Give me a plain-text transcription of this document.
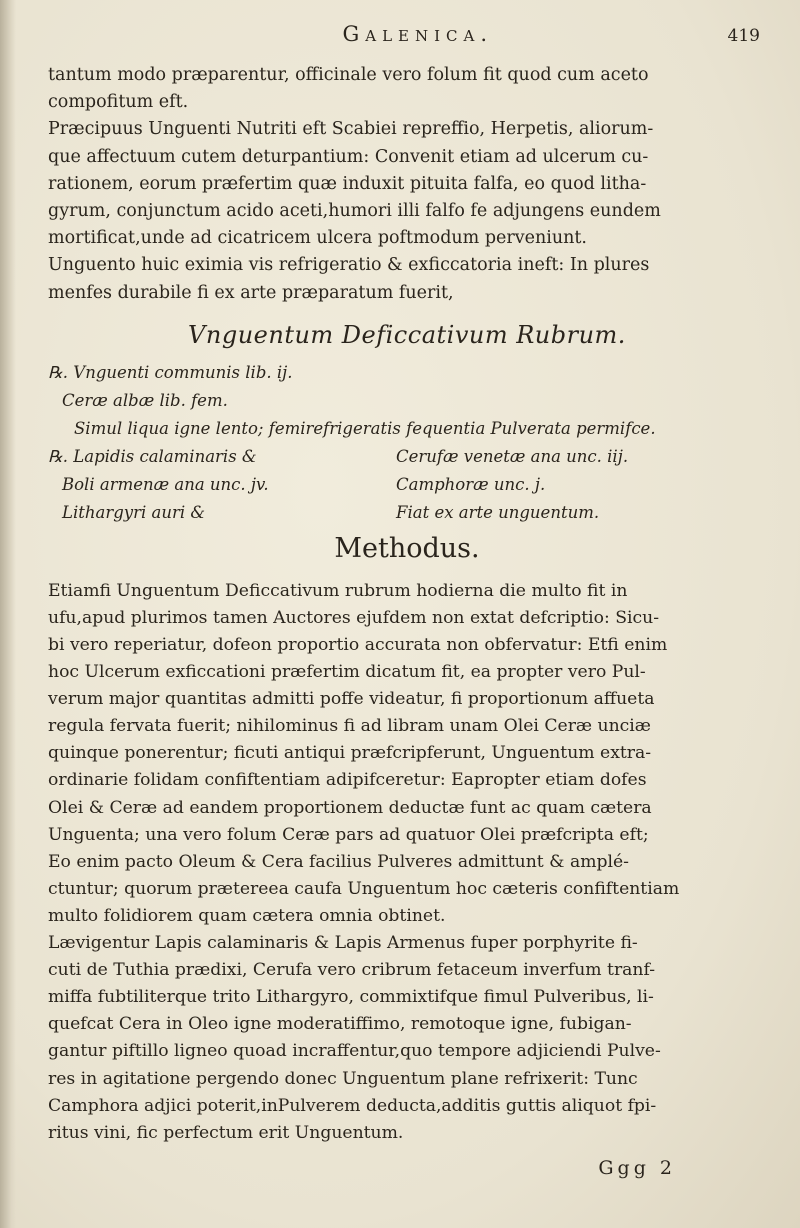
Galenica.	419
tantum modo præparentur, officinale vero folum fit quod cum aceto
compofitum eft.
Præcipuus Unguenti Nutriti eft Scabiei repreffio, Herpetis, aliorum-
que affectuum cutem deturpantium: Convenit etiam ad ulcerum cu-
rationem, eorum præfertim quæ induxit pituita falfa, eo quod litha-
gyrum, conjunctum acido aceti,humori illi falfo fe adjungens eundem
mortificat,unde ad cicatricem ulcera poftmodum perveniunt.
Unguento huic eximia vis refrigeratio & exficcatoria ineft: In plures
menfes durabile fi ex arte præparatum fuerit,
Vnguentum Deficcativum Rubrum.
℞. Vnguenti communis lib. ij.
Ceræ albæ lib. fem.
Simul liqua igne lento; femirefrigeratis fequentia Pulverata permifce.
℞. Lapidis calaminaris &	Cerufæ venetæ ana unc. iij.
Boli armenæ ana unc. jv.	Camphoræ unc. j.
Lithargyri auri &	Fiat ex arte unguentum.
Methodus.

Etiamfi Unguentum Deficcativum rubrum hodierna die multo fit in

ufu,apud plurimos tamen Auctores ejufdem non extat defcriptio: Sicu-

bi vero reperiatur, dofeon proportio accurata non obfervatur: Etfi enim

hoc Ulcerum exficcationi præfertim dicatum fit, ea propter vero Pul-

verum major quantitas admitti poffe videatur, fi proportionum affueta

regula fervata fuerit; nihilominus fi ad libram unam Olei Ceræ unciæ

quinque ponerentur; ficuti antiqui præfcripferunt, Unguentum extra-

ordinarie folidam confiftentiam adipifceretur: Eapropter etiam dofes

Olei & Ceræ ad eandem proportionem deductæ funt ac quam cætera

Unguenta; una vero folum Ceræ pars ad quatuor Olei præfcripta eft;

Eo enim pacto Oleum & Cera facilius Pulveres admittunt & amplé-

ctuntur; quorum prætereea caufa Unguentum hoc cæteris confiftentiam

multo folidiorem quam cætera omnia obtinet.

Lævigentur Lapis calaminaris & Lapis Armenus fuper porphyrite fi-

cuti de Tuthia prædixi, Cerufa vero cribrum fetaceum inverfum tranf-

miffa fubtiliterque trito Lithargyro, commixtifque fimul Pulveribus, li-

quefcat Cera in Oleo igne moderatiffimo, remotoque igne, fubigan-

gantur piftillo ligneo quoad incraffentur,quo tempore adjiciendi Pulve-

res in agitatione pergendo donec Unguentum plane refrixerit: Tunc

Camphora adjici poterit,inPulverem deducta,additis guttis aliquot fpi-

ritus vini, fic perfectum erit Unguentum.

Ggg 2
